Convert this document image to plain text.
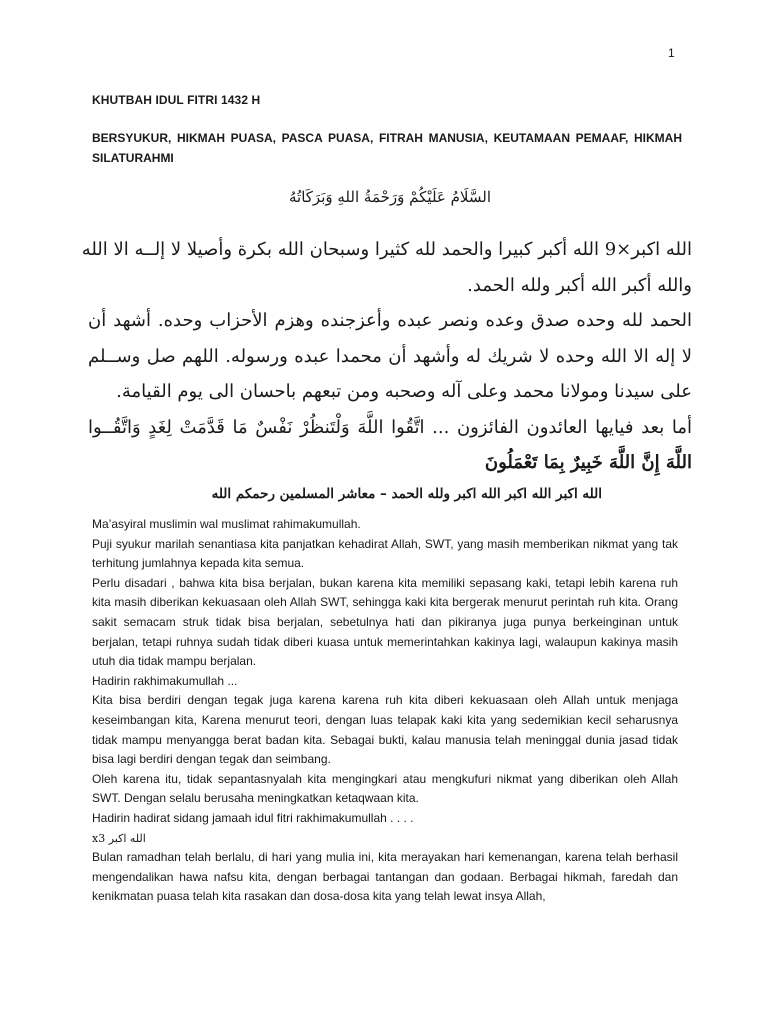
1
KHUTBAH IDUL FITRI 1432 H
BERSYUKUR, HIKMAH PUASA, PASCA PUASA, FITRAH MANUSIA, KEUTAMAAN PEMAAF, HIKMAH SILATURAHMI
السَّلَامُ عَلَيْكُمْ وَرَحْمَةُ اللهِ وَبَرَكَاتُهُ
الله اكبر×9 الله أكبر كبيرا والحمد لله كثيرا وسبحان الله بكرة وأصيلا لا إلــه الا الله
والله أكبر الله أكبر ولله الحمد.
الحمد لله وحده صدق وعده ونصر عبده وأعزجنده وهزم الأحزاب وحده. أشهد أن
لا إله الا الله وحده لا شريك له وأشهد أن محمدا عبده ورسوله. اللهم صل وســلم
على سيدنا ومولانا محمد وعلى آله وصحبه ومن تبعهم باحسان الى يوم القيامة.
أما بعد فيايها العائدون الفائزون ... اتَّقُوا اللَّهَ وَلْتَنظُرْ نَفْسٌ مَا قَدَّمَتْ لِغَدٍ وَاتَّقُــوا
اللَّهَ إِنَّ اللَّهَ خَبِيرٌ بِمَا تَعْمَلُونَ
الله اكبر الله اكبر الله اكبر ولله الحمد – معاشر المسلمين رحمكم الله

Ma’asyiral muslimin wal muslimat rahimakumullah.

Puji syukur marilah senantiasa kita panjatkan kehadirat Allah, SWT, yang masih memberikan nikmat yang tak terhitung jumlahnya kepada kita semua.

Perlu disadari , bahwa kita bisa berjalan, bukan karena kita memiliki sepasang kaki, tetapi lebih karena ruh kita masih diberikan kekuasaan oleh Allah SWT, sehingga kaki kita bergerak menurut perintah ruh kita. Orang sakit semacam struk tidak bisa berjalan, sebetulnya hati dan pikiranya juga punya berkeinginan untuk berjalan, tetapi ruhnya sudah tidak diberi kuasa untuk memerintahkan kakinya lagi, walaupun kakinya masih utuh dia tidak mampu berjalan.

Hadirin rakhimakumullah ...

Kita bisa berdiri dengan tegak juga karena karena ruh kita diberi kekuasaan oleh Allah untuk menjaga keseimbangan kita, Karena menurut teori, dengan luas telapak kaki kita yang sedemikian kecil seharusnya tidak mampu menyangga berat badan kita. Sebagai bukti, kalau manusia telah meninggal dunia jasad tidak bisa lagi berdiri dengan tegak dan seimbang.

Oleh karena itu, tidak sepantasnyalah kita mengingkari atau mengkufuri nikmat yang diberikan oleh Allah SWT. Dengan selalu berusaha meningkatkan ketaqwaan kita.

Hadirin hadirat sidang jamaah idul fitri rakhimakumullah . . . .

x3 الله اكبر

Bulan ramadhan telah berlalu, di hari yang mulia ini, kita merayakan hari kemenangan, karena telah berhasil mengendalikan hawa nafsu kita, dengan berbagai tantangan dan godaan. Berbagai hikmah, faredah dan kenikmatan puasa telah kita rasakan dan dosa-dosa kita yang telah lewat insya Allah,
